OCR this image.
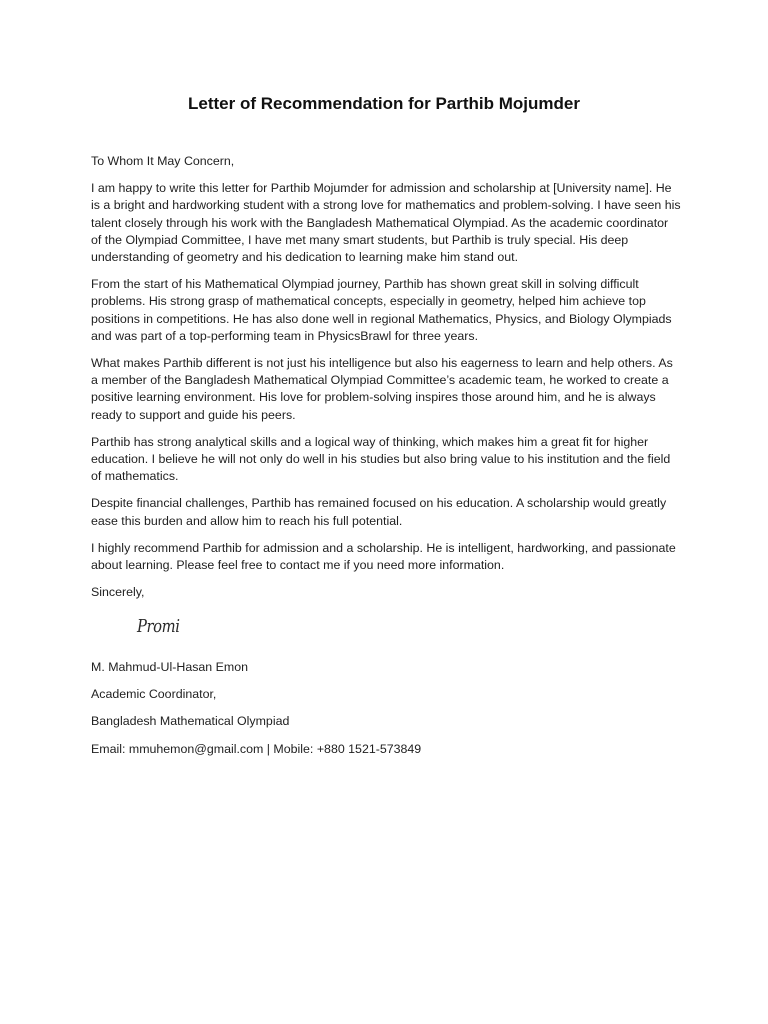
Letter of Recommendation for Parthib Mojumder

To Whom It May Concern,

I am happy to write this letter for Parthib Mojumder for admission and scholarship at [University name]. He is a bright and hardworking student with a strong love for mathematics and problem-solving. I have seen his talent closely through his work with the Bangladesh Mathematical Olympiad. As the academic coordinator of the Olympiad Committee, I have met many smart students, but Parthib is truly special. His deep understanding of geometry and his dedication to learning make him stand out.

From the start of his Mathematical Olympiad journey, Parthib has shown great skill in solving difficult problems. His strong grasp of mathematical concepts, especially in geometry, helped him achieve top positions in competitions. He has also done well in regional Mathematics, Physics, and Biology Olympiads and was part of a top-performing team in PhysicsBrawl for three years.

What makes Parthib different is not just his intelligence but also his eagerness to learn and help others. As a member of the Bangladesh Mathematical Olympiad Committee’s academic team, he worked to create a positive learning environment. His love for problem-solving inspires those around him, and he is always ready to support and guide his peers.

Parthib has strong analytical skills and a logical way of thinking, which makes him a great fit for higher education. I believe he will not only do well in his studies but also bring value to his institution and the field of mathematics.

Despite financial challenges, Parthib has remained focused on his education. A scholarship would greatly ease this burden and allow him to reach his full potential.

I highly recommend Parthib for admission and a scholarship. He is intelligent, hardworking, and passionate about learning. Please feel free to contact me if you need more information.

Sincerely,

Promi

M. Mahmud-Ul-Hasan Emon

Academic Coordinator,

Bangladesh Mathematical Olympiad

Email: mmuhemon@gmail.com | Mobile: +880 1521-573849
